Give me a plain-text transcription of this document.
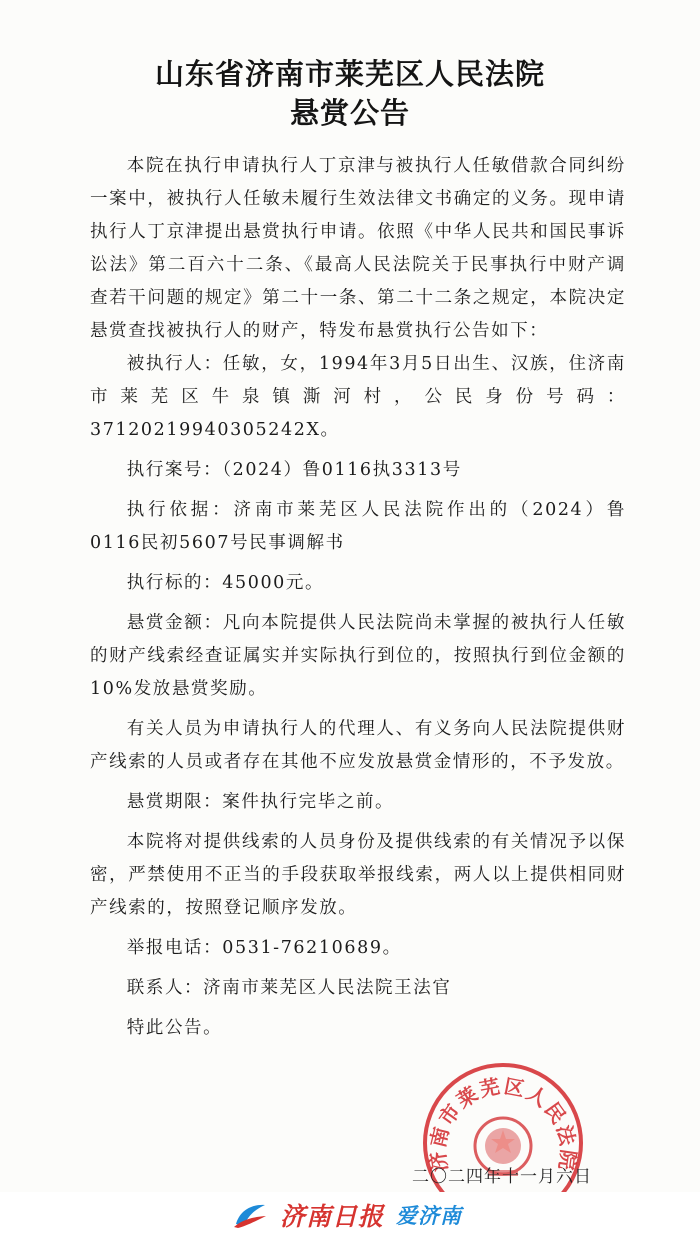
山东省济南市莱芜区人民法院
悬赏公告

本院在执行申请执行人丁京津与被执行人任敏借款合同纠纷一案中，被执行人任敏未履行生效法律文书确定的义务。现申请执行人丁京津提出悬赏执行申请。依照《中华人民共和国民事诉讼法》第二百六十二条、《最高人民法院关于民事执行中财产调查若干问题的规定》第二十一条、第二十二条之规定，本院决定悬赏查找被执行人的财产，特发布悬赏执行公告如下：

被执行人：任敏，女，1994年3月5日出生、汉族，住济南市莱芜区牛泉镇澌河村，公民身份号码：37120219940305242X。

执行案号：（2024）鲁0116执3313号

执行依据：济南市莱芜区人民法院作出的（2024）鲁0116民初5607号民事调解书

执行标的：45000元。

悬赏金额：凡向本院提供人民法院尚未掌握的被执行人任敏的财产线索经查证属实并实际执行到位的，按照执行到位金额的10%发放悬赏奖励。

有关人员为申请执行人的代理人、有义务向人民法院提供财产线索的人员或者存在其他不应发放悬赏金情形的，不予发放。

悬赏期限：案件执行完毕之前。

本院将对提供线索的人员身份及提供线索的有关情况予以保密，严禁使用不正当的手段获取举报线索，两人以上提供相同财产线索的，按照登记顺序发放。

举报电话：0531-76210689。

联系人：济南市莱芜区人民法院王法官

特此公告。

济南市莱芜区人民法院
二〇二四年十一月六日
济南日报 爱济南
